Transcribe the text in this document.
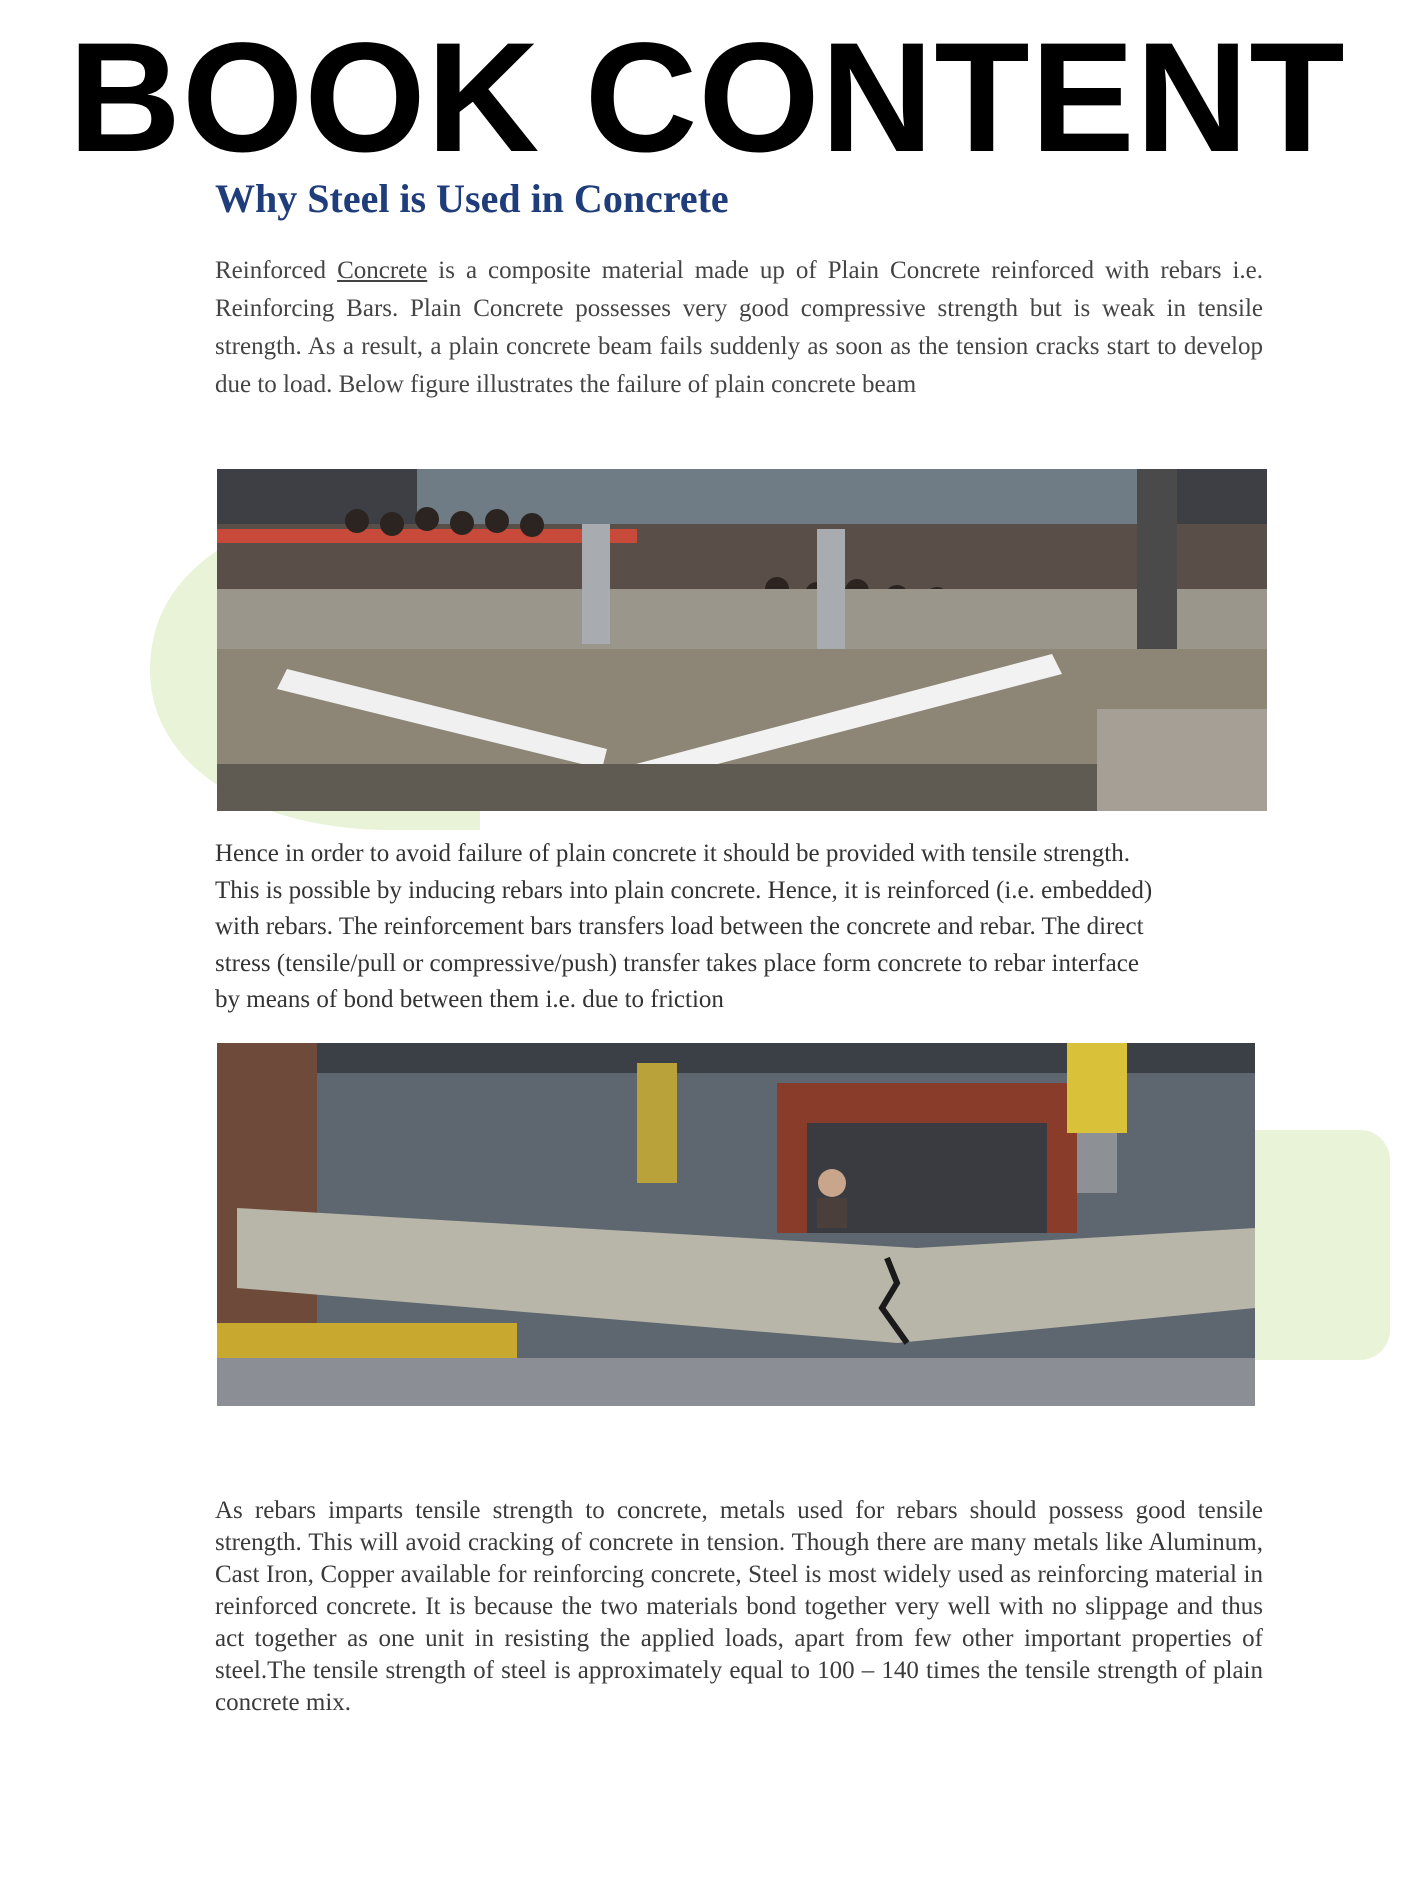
BOOK CONTENT
Why Steel is Used in Concrete

Reinforced Concrete is a composite material made up of Plain Concrete reinforced with rebars i.e. Reinforcing Bars. Plain Concrete possesses very good compressive strength but is weak in tensile strength. As a result, a plain concrete beam fails suddenly as soon as the tension cracks start to develop due to load. Below figure illustrates the failure of plain concrete beam

Hence in order to avoid failure of plain concrete it should be provided with tensile strength.
This is possible by inducing rebars into plain concrete. Hence, it is reinforced (i.e. embedded)
with rebars. The reinforcement bars transfers load between the concrete and rebar. The direct
stress (tensile/pull or compressive/push) transfer takes place form concrete to rebar interface
by means of bond between them i.e. due to friction

As rebars imparts tensile strength to concrete, metals used for rebars should possess good tensile strength. This will avoid cracking of concrete in tension. Though there are many metals like Aluminum, Cast Iron, Copper available for reinforcing concrete, Steel is most widely used as reinforcing material in reinforced concrete. It is because the two materials bond together very well with no slippage and thus act together as one unit in resisting the applied loads, apart from few other important properties of steel.The tensile strength of steel is approximately equal to 100 – 140 times the tensile strength of plain concrete mix.
